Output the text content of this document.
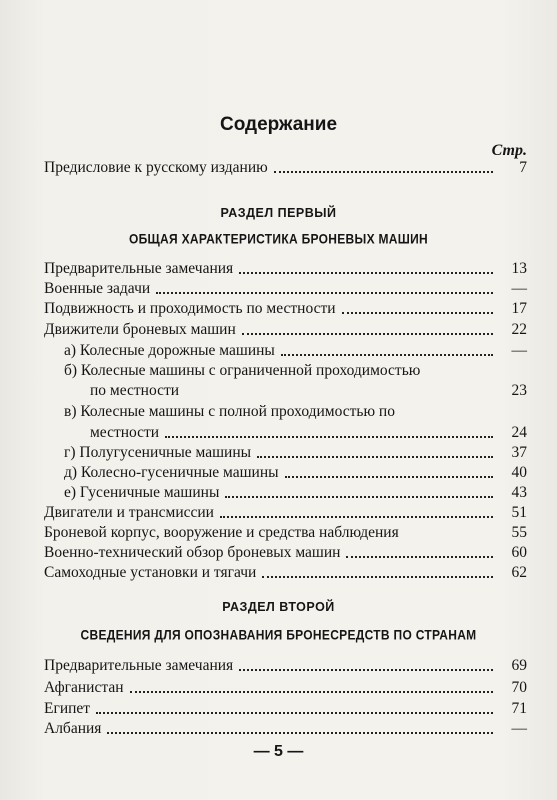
Содержание
Стр.
Предисловие к русскому изданию	7
РАЗДЕЛ ПЕРВЫЙ
ОБЩАЯ ХАРАКТЕРИСТИКА БРОНЕВЫХ МАШИН
Предварительные замечания	13
Военные задачи	—
Подвижность и проходимость по местности	17
Движители броневых машин	22
а) Колесные дорожные машины	—
б) Колесные машины с ограниченной проходимостью
по местности	23
в) Колесные машины с полной проходимостью по
местности	24
г) Полугусеничные машины	37
д) Колесно-гусеничные машины	40
е) Гусеничные машины	43
Двигатели и трансмиссии	51
Броневой корпус, вооружение и средства наблюдения	55
Военно-технический обзор броневых машин	60
Самоходные установки и тягачи	62
РАЗДЕЛ ВТОРОЙ
СВЕДЕНИЯ ДЛЯ ОПОЗНАВАНИЯ БРОНЕСРЕДСТВ ПО СТРАНАМ
Предварительные замечания	69
Афганистан	70
Египет	71
Албания	—
— 5 —
